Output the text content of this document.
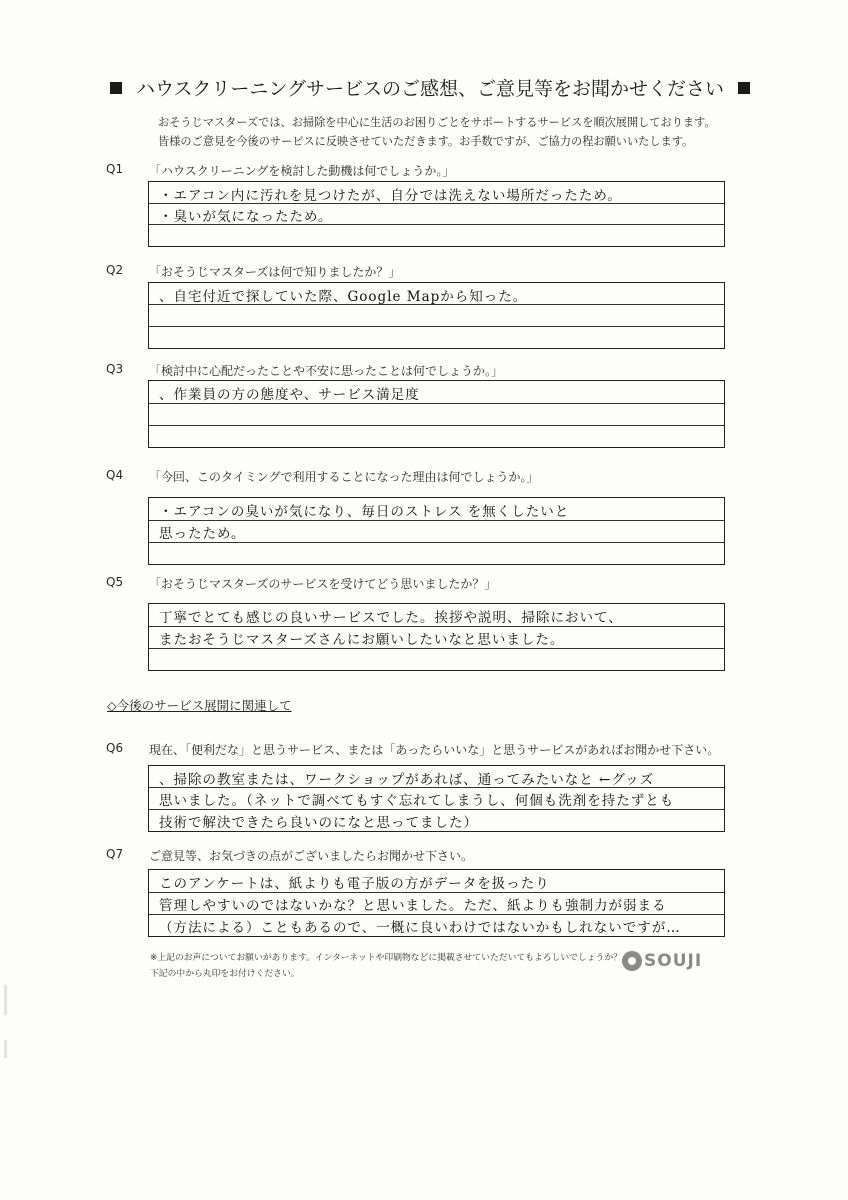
ハウスクリーニングサービスのご感想、ご意見等をお聞かせください
おそうじマスターズでは、お掃除を中心に生活のお困りごとをサポートするサービスを順次展開しております。
皆様のご意見を今後のサービスに反映させていただきます。お手数ですが、ご協力の程お願いいたします。
Q1 「ハウスクリーニングを検討した動機は何でしょうか。」
・エアコン内に汚れを見つけたが、自分では洗えない場所だったため。
・臭いが気になったため。
Q2 「おそうじマスターズは何で知りましたか？」
、自宅付近で探していた際、Google Mapから知った。
Q3 「検討中に心配だったことや不安に思ったことは何でしょうか。」
、作業員の方の態度や、サービス満足度
Q4 「今回、このタイミングで利用することになった理由は何でしょうか。」
・エアコンの臭いが気になり、毎日のストレス を無くしたいと
思ったため。
Q5 「おそうじマスターズのサービスを受けてどう思いましたか？」
丁寧でとても感じの良いサービスでした。挨拶や説明、掃除において、
またおそうじマスターズさんにお願いしたいなと思いました。
◇今後のサービス展開に関連して
Q6 現在、「便利だな」と思うサービス、または「あったらいいな」と思うサービスがあればお聞かせ下さい。
、掃除の教室または、ワークショップがあれば、通ってみたいなと ←グッズ
思いました。（ネットで調べてもすぐ忘れてしまうし、何個も洗剤を持たずとも
技術で解決できたら良いのになと思ってました）
Q7 ご意見等、お気づきの点がございましたらお聞かせ下さい。
このアンケートは、紙よりも電子版の方がデータを扱ったり
管理しやすいのではないかな？と思いました。ただ、紙よりも強制力が弱まる
（方法による）こともあるので、一概に良いわけではないかもしれないですが…
※上記のお声についてお願いがあります。インターネットや印刷物などに掲載させていただいてもよろしいでしょうか？
下記の中から丸印をお付けください。
SOUJI
